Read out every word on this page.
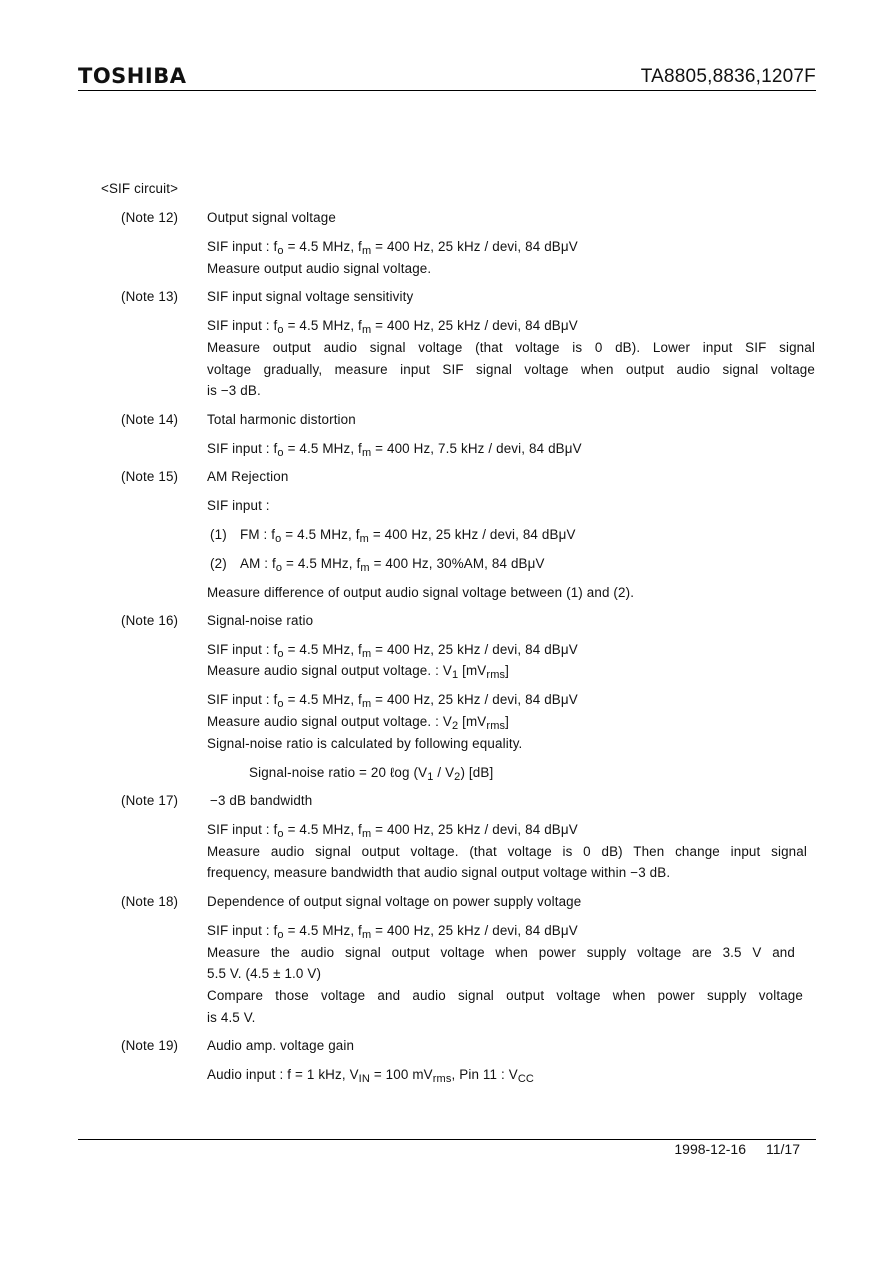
TOSHIBA	TA8805,8836,1207F
<SIF circuit>
(Note 12) Output signal voltage
SIF input : $f_o = 4.5$ MHz, $f_m = 400$ Hz, 25 kHz / devi, 84 dBμV
Measure output audio signal voltage.
(Note 13) SIF input signal voltage sensitivity
SIF input : $f_o = 4.5$ MHz, $f_m = 400$ Hz, 25 kHz / devi, 84 dBμV
Measure output audio signal voltage (that voltage is 0 dB). Lower input SIF signal
voltage gradually, measure input SIF signal voltage when output audio signal voltage
is −3 dB.
(Note 14) Total harmonic distortion
SIF input : $f_o = 4.5$ MHz, $f_m = 400$ Hz, 7.5 kHz / devi, 84 dBμV
(Note 15) AM Rejection
SIF input :
(1) FM : $f_o = 4.5$ MHz, $f_m = 400$ Hz, 25 kHz / devi, 84 dBμV
(2) AM : $f_o = 4.5$ MHz, $f_m = 400$ Hz, 30%AM, 84 dBμV
Measure difference of output audio signal voltage between (1) and (2).
(Note 16) Signal-noise ratio
SIF input : $f_o = 4.5$ MHz, $f_m = 400$ Hz, 25 kHz / devi, 84 dBμV
Measure audio signal output voltage. : $V_1$ $[mV_{rms}]$
SIF input : $f_o = 4.5$ MHz, $f_m = 400$ Hz, 25 kHz / devi, 84 dBμV
Measure audio signal output voltage. : $V_2$ $[mV_{rms}]$
Signal-noise ratio is calculated by following equality.
Signal-noise ratio = 20 ℓog $(V_1 / V_2)$ [dB]
(Note 17) −3 dB bandwidth
SIF input : $f_o = 4.5$ MHz, $f_m = 400$ Hz, 25 kHz / devi, 84 dBμV
Measure audio signal output voltage. (that voltage is 0 dB) Then change input signal
frequency, measure bandwidth that audio signal output voltage within −3 dB.
(Note 18) Dependence of output signal voltage on power supply voltage
SIF input : $f_o = 4.5$ MHz, $f_m = 400$ Hz, 25 kHz / devi, 84 dBμV
Measure the audio signal output voltage when power supply voltage are 3.5 V and
5.5 V. (4.5 ± 1.0 V)
Compare those voltage and audio signal output voltage when power supply voltage
is 4.5 V.
(Note 19) Audio amp. voltage gain
Audio input : f = 1 kHz, $V_{IN} = 100$ $mV_{rms}$, Pin 11 : $V_{CC}$
1998-12-16 11/17
